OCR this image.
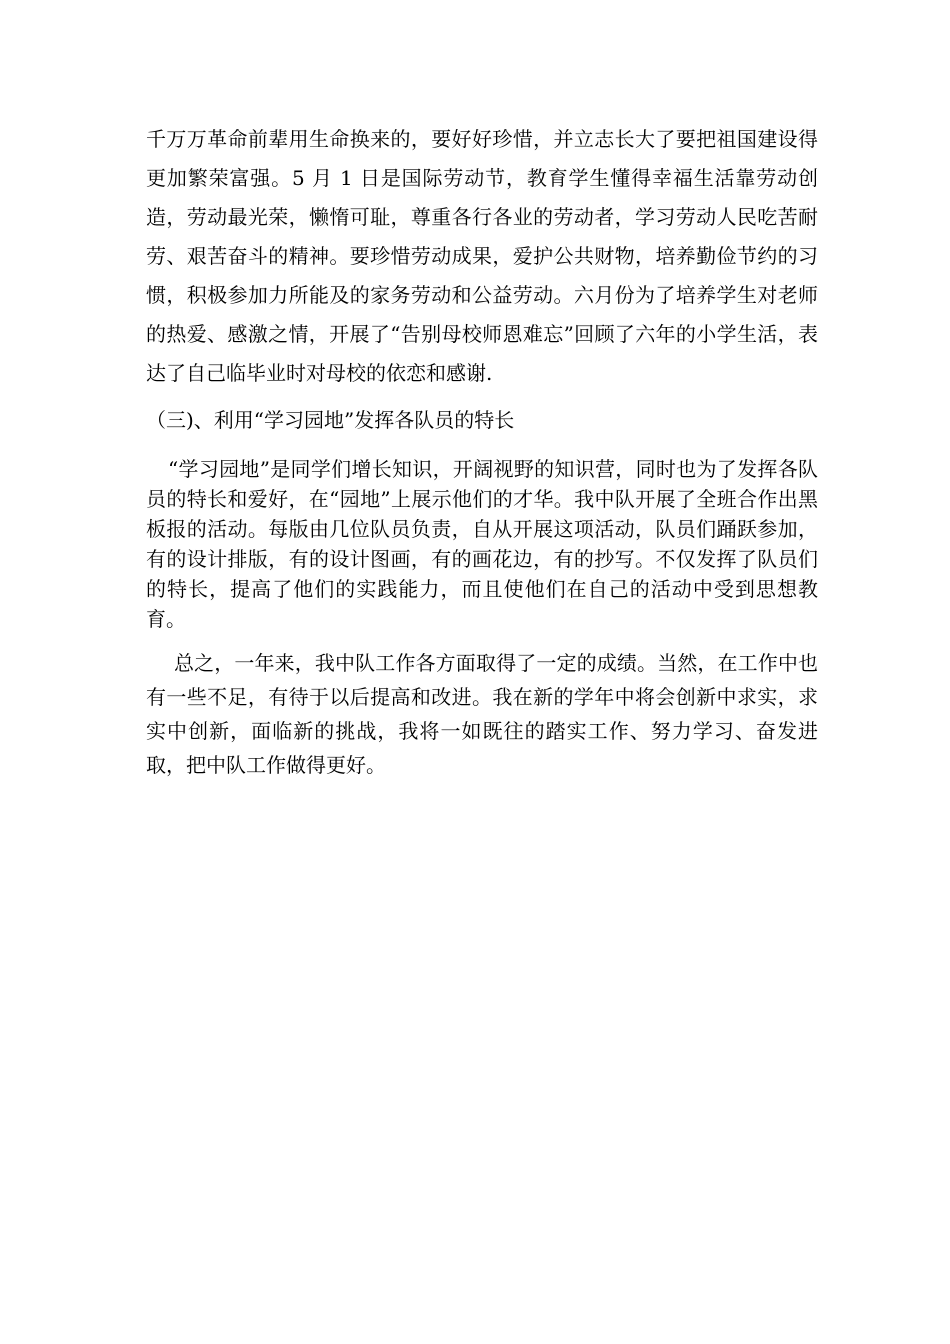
千万万革命前辈用生命换来的，要好好珍惜，并立志长大了要把祖国建设得更加繁荣富强。5 月 1 日是国际劳动节，教育学生懂得幸福生活靠劳动创造，劳动最光荣，懒惰可耻，尊重各行各业的劳动者，学习劳动人民吃苦耐劳、艰苦奋斗的精神。要珍惜劳动成果，爱护公共财物，培养勤俭节约的习惯，积极参加力所能及的家务劳动和公益劳动。六月份为了培养学生对老师的热爱、感激之情，开展了“告别母校师恩难忘”回顾了六年的小学生活，表达了自己临毕业时对母校的依恋和感谢.

（三)、利用“学习园地”发挥各队员的特长

“学习园地”是同学们增长知识，开阔视野的知识营，同时也为了发挥各队员的特长和爱好，在“园地”上展示他们的才华。我中队开展了全班合作出黑板报的活动。每版由几位队员负责，自从开展这项活动，队员们踊跃参加，有的设计排版，有的设计图画，有的画花边，有的抄写。不仅发挥了队员们的特长，提高了他们的实践能力，而且使他们在自己的活动中受到思想教育。

总之，一年来，我中队工作各方面取得了一定的成绩。当然，在工作中也有一些不足，有待于以后提高和改进。我在新的学年中将会创新中求实，求实中创新，面临新的挑战，我将一如既往的踏实工作、努力学习、奋发进取，把中队工作做得更好。
